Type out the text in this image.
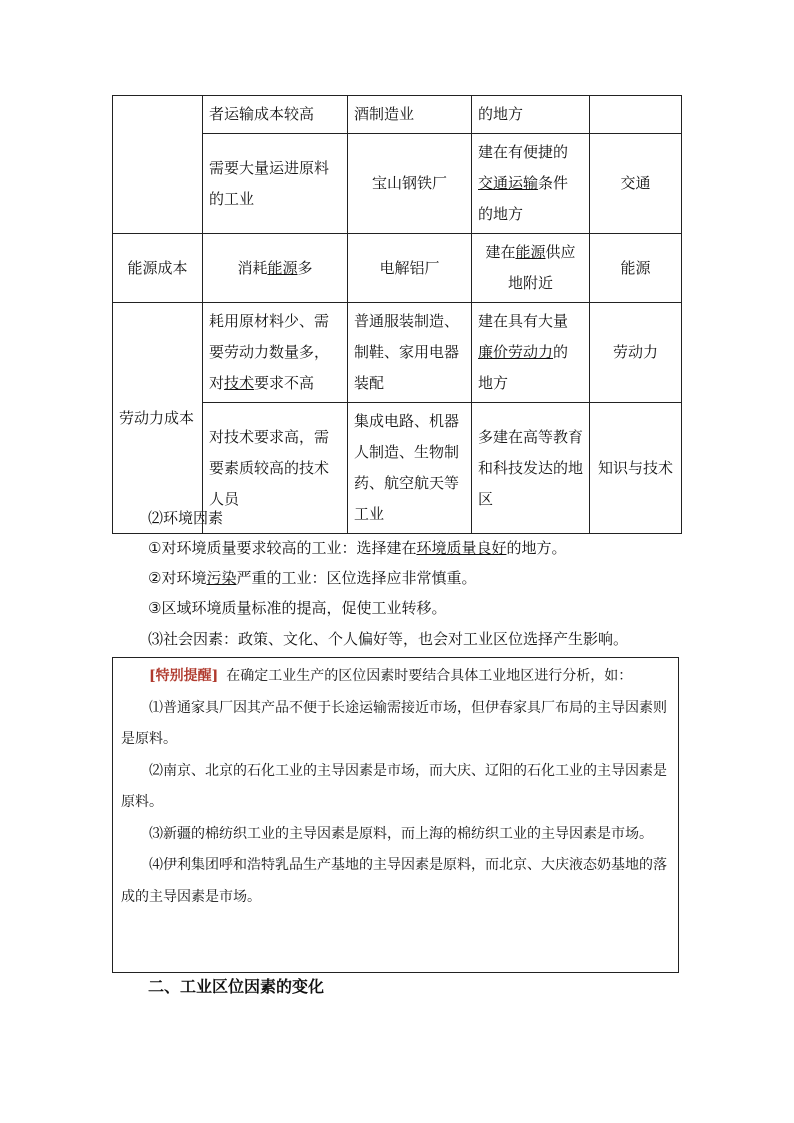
	者运输成本较高	酒制造业	的地方	
	需要大量运进原料的工业	宝山钢铁厂	建在有便捷的交通运输条件的地方	交通
能源成本	消耗能源多	电解铝厂	建在能源供应地附近	能源
劳动力成本	耗用原材料少、需要劳动力数量多，对技术要求不高	普通服装制造、制鞋、家用电器装配	建在具有大量廉价劳动力的地方	劳动力
	对技术要求高，需要素质较高的技术人员	集成电路、机器人制造、生物制药、航空航天等工业	多建在高等教育和科技发达的地区	知识与技术
⑵环境因素
①对环境质量要求较高的工业：选择建在环境质量良好的地方。
②对环境污染严重的工业：区位选择应非常慎重。
③区域环境质量标准的提高，促使工业转移。
⑶社会因素：政策、文化、个人偏好等，也会对工业区位选择产生影响。

[特别提醒] 在确定工业生产的区位因素时要结合具体工业地区进行分析，如：

⑴普通家具厂因其产品不便于长途运输需接近市场，但伊春家具厂布局的主导因素则是原料。

⑵南京、北京的石化工业的主导因素是市场，而大庆、辽阳的石化工业的主导因素是原料。

⑶新疆的棉纺织工业的主导因素是原料，而上海的棉纺织工业的主导因素是市场。

⑷伊利集团呼和浩特乳品生产基地的主导因素是原料，而北京、大庆液态奶基地的落成的主导因素是市场。

二、工业区位因素的变化
